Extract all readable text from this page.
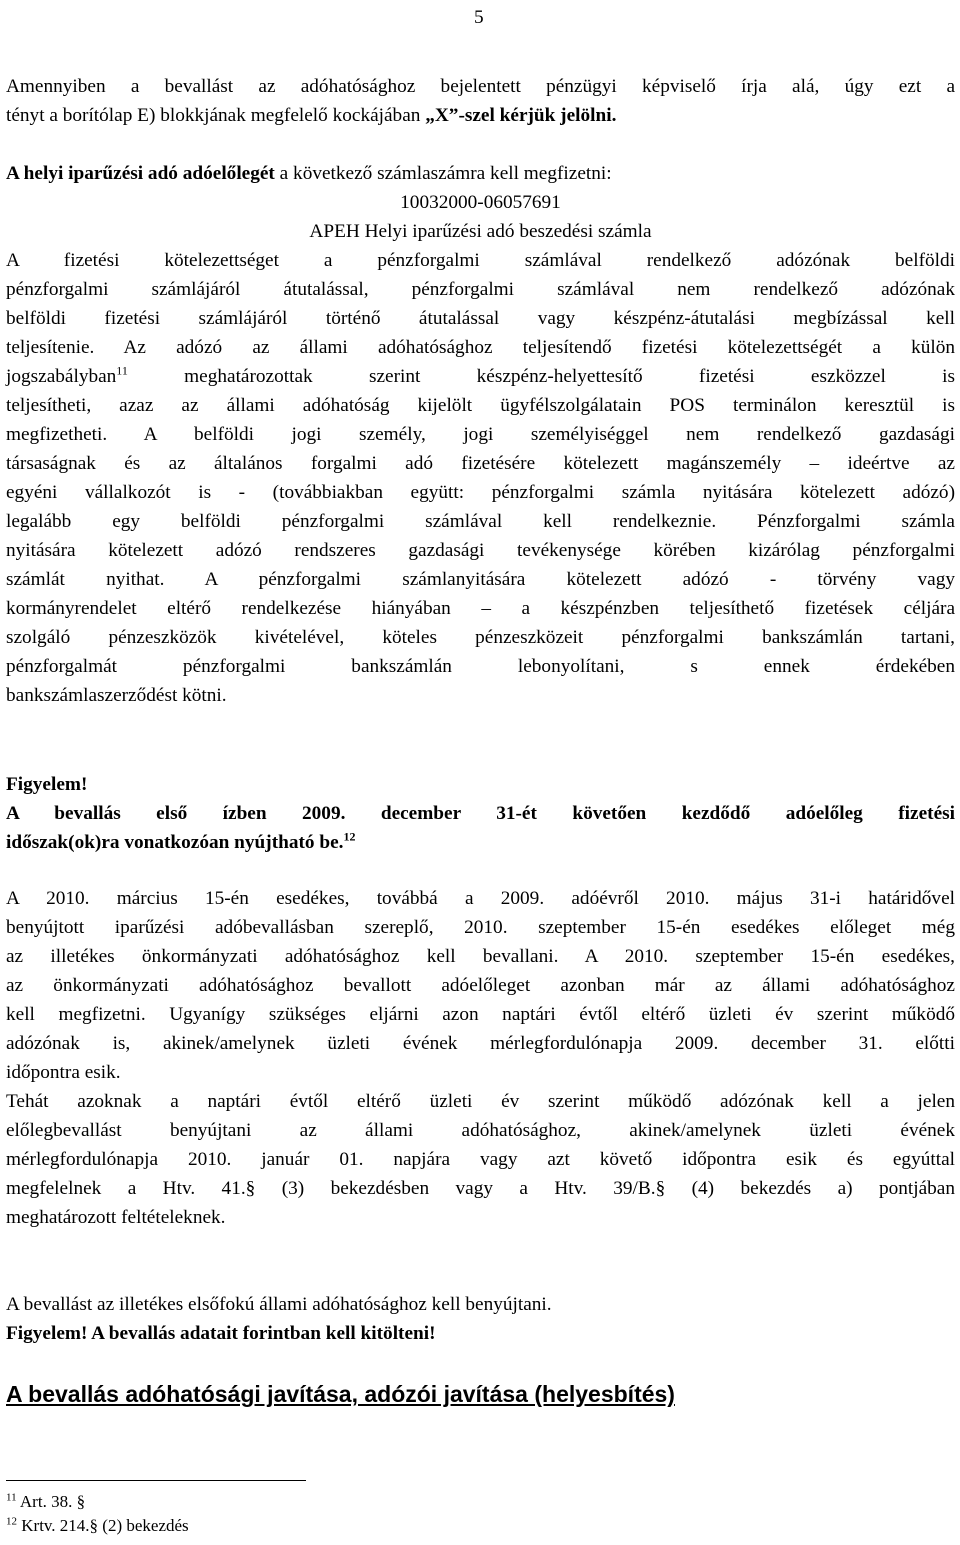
5
Amennyiben a bevallást az adóhatósághoz bejelentett pénzügyi képviselő írja alá, úgy ezt a
tényt a borítólap E) blokkjának megfelelő kockájában „X”-szel kérjük jelölni.
A helyi iparűzési adó adóelőlegét a következő számlaszámra kell megfizetni:
10032000-06057691
APEH Helyi iparűzési adó beszedési számla
A fizetési kötelezettséget a pénzforgalmi számlával rendelkező adózónak belföldi
pénzforgalmi számlájáról átutalással, pénzforgalmi számlával nem rendelkező adózónak
belföldi fizetési számlájáról történő átutalással vagy készpénz-átutalási megbízással kell
teljesítenie. Az adózó az állami adóhatósághoz teljesítendő fizetési kötelezettségét a külön
jogszabályban$^{11}$	meghatározottak szerint készpénz-helyettesítő fizetési eszközzel is
teljesítheti, azaz az állami adóhatóság kijelölt ügyfélszolgálatain POS terminálon keresztül is
megfizetheti. A belföldi jogi személy, jogi személyiséggel nem rendelkező gazdasági
társaságnak és az általános forgalmi adó fizetésére kötelezett magánszemély – ideértve az
egyéni vállalkozót is - (továbbiakban együtt: pénzforgalmi számla nyitására kötelezett adózó)
legalább egy belföldi pénzforgalmi számlával kell rendelkeznie. Pénzforgalmi számla
nyitására kötelezett adózó rendszeres gazdasági tevékenysége körében kizárólag pénzforgalmi
számlát nyithat. A pénzforgalmi számlanyitására kötelezett adózó - törvény vagy
kormányrendelet eltérő rendelkezése hiányában – a készpénzben teljesíthető fizetések céljára
szolgáló pénzeszközök kivételével, köteles pénzeszközeit pénzforgalmi bankszámlán tartani,
pénzforgalmát pénzforgalmi bankszámlán lebonyolítani, s ennek érdekében
bankszámlaszerződést kötni.
Figyelem!
A bevallás első ízben 2009. december 31-ét követően kezdődő adóelőleg fizetési
időszak(ok)ra vonatkozóan nyújtható be.$^{12}$
A 2010. március 15-én esedékes, továbbá a 2009. adóévről 2010. május 31-i határidővel
benyújtott iparűzési adóbevallásban szereplő, 2010. szeptember 15-én esedékes előleget még
az illetékes önkormányzati adóhatósághoz kell bevallani. A 2010. szeptember 15-én esedékes,
az önkormányzati adóhatósághoz bevallott adóelőleget azonban már az állami adóhatósághoz
kell megfizetni. Ugyanígy szükséges eljárni azon naptári évtől eltérő üzleti év szerint működő
adózónak is, akinek/amelynek üzleti évének mérlegfordulónapja 2009. december 31. előtti
időpontra esik.
Tehát azoknak a naptári évtől eltérő üzleti év szerint működő adózónak kell a jelen
előlegbevallást benyújtani az állami adóhatósághoz, akinek/amelynek üzleti évének
mérlegfordulónapja 2010. január 01. napjára vagy azt követő időpontra esik és egyúttal
megfelelnek a Htv. 41.§ (3) bekezdésben vagy a Htv. 39/B.§ (4) bekezdés a) pontjában
meghatározott feltételeknek.
A bevallást az illetékes elsőfokú állami adóhatósághoz kell benyújtani.
Figyelem! A bevallás adatait forintban kell kitölteni!
A bevallás adóhatósági javítása, adózói javítása (helyesbítés)
$^{11}$ Art. 38. §
$^{12}$ Krtv. 214.§ (2) bekezdés
